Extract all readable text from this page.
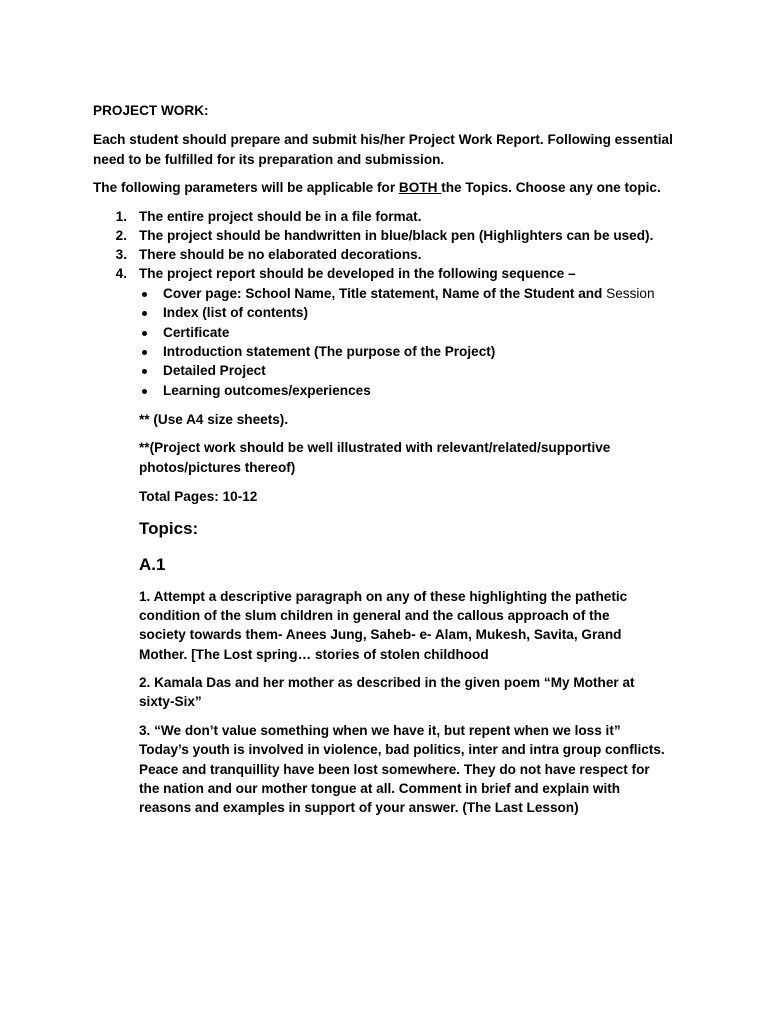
PROJECT WORK:
Each student should prepare and submit his/her Project Work Report. Following essential
need to be fulfilled for its preparation and submission.
The following parameters will be applicable for BOTH the Topics. Choose any one topic.
1. The entire project should be in a file format.
2. The project should be handwritten in blue/black pen (Highlighters can be used).
3. There should be no elaborated decorations.
4. The project report should be developed in the following sequence –
Cover page: School Name, Title statement, Name of the Student and Session
Index (list of contents)
Certificate
Introduction statement (The purpose of the Project)
Detailed Project
Learning outcomes/experiences
** (Use A4 size sheets).
**(Project work should be well illustrated with relevant/related/supportive
photos/pictures thereof)
Total Pages: 10-12
Topics:
A.1
1. Attempt a descriptive paragraph on any of these highlighting the pathetic
condition of the slum children in general and the callous approach of the
society towards them- Anees Jung, Saheb- e- Alam, Mukesh, Savita, Grand
Mother. [The Lost spring… stories of stolen childhood
2. Kamala Das and her mother as described in the given poem “My Mother at
sixty-Six”
3. “We don’t value something when we have it, but repent when we loss it”
Today’s youth is involved in violence, bad politics, inter and intra group conflicts.
Peace and tranquillity have been lost somewhere. They do not have respect for
the nation and our mother tongue at all. Comment in brief and explain with
reasons and examples in support of your answer. (The Last Lesson)
